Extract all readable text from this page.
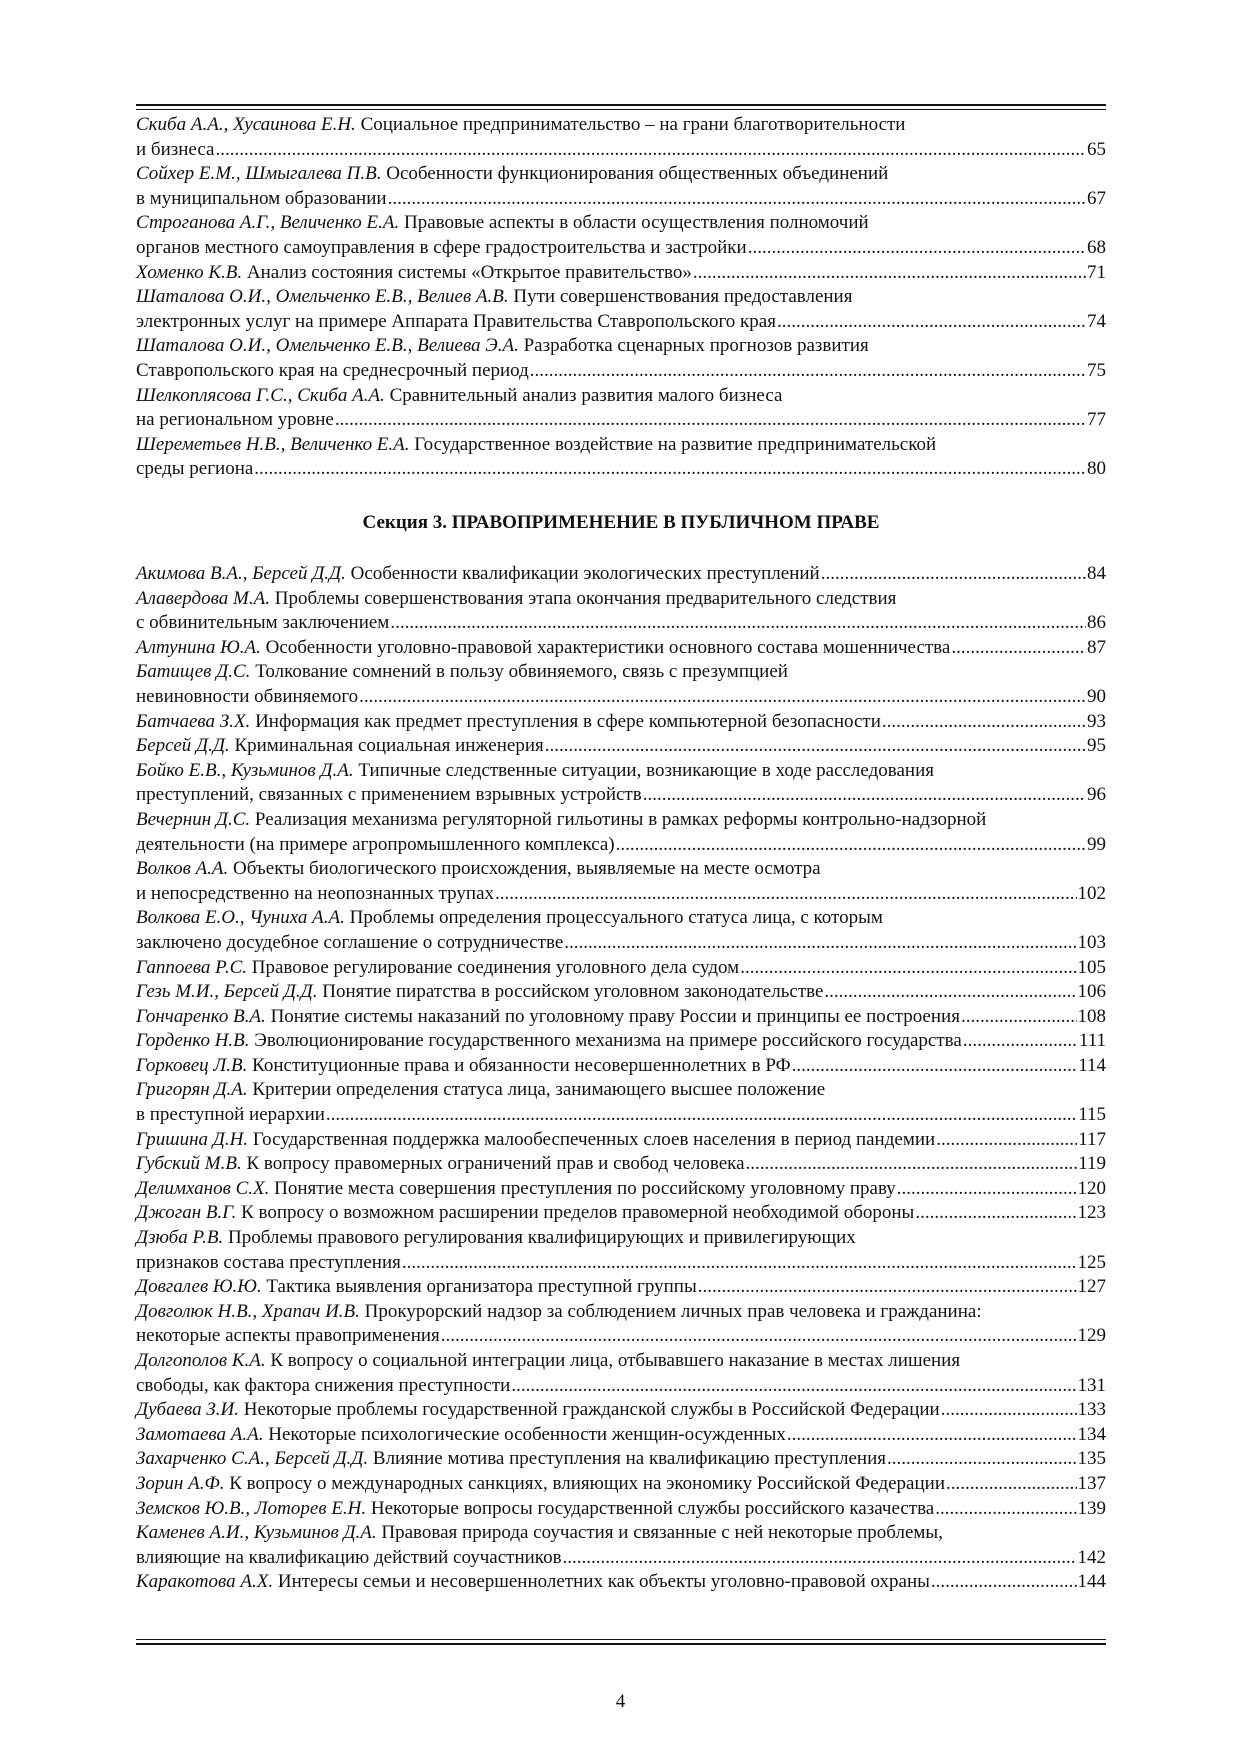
Скиба А.А., Хусаинова Е.Н. Социальное предпринимательство – на грани благотворительности
и бизнеса .....	65
Сойхер Е.М., Шмыгалева П.В. Особенности функционирования общественных объединений
в муниципальном образовании .....	67
Строганова А.Г., Величенко Е.А. Правовые аспекты в области осуществления полномочий
органов местного самоуправления в сфере градостроительства и застройки .....	68
Хоменко К.В. Анализ состояния системы «Открытое правительство» .....	71
Шаталова О.И., Омельченко Е.В., Велиев А.В. Пути совершенствования предоставления
электронных услуг на примере Аппарата Правительства Ставропольского края .....	74
Шаталова О.И., Омельченко Е.В., Велиева Э.А. Разработка сценарных прогнозов развития
Ставропольского края на среднесрочный период .....	75
Шелкоплясова Г.С., Скиба А.А. Сравнительный анализ развития малого бизнеса
на региональном уровне .....	77
Шереметьев Н.В., Величенко Е.А. Государственное воздействие на развитие предпринимательской
среды региона .....	80
Секция 3. ПРАВОПРИМЕНЕНИЕ В ПУБЛИЧНОМ ПРАВЕ
Акимова В.А., Берсей Д.Д. Особенности квалификации экологических преступлений .....	84
Алавердова М.А. Проблемы совершенствования этапа окончания предварительного следствия
с обвинительным заключением .....	86
Алтунина Ю.А. Особенности уголовно-правовой характеристики основного состава мошенничества .....	87
Батищев Д.С. Толкование сомнений в пользу обвиняемого, связь с презумпцией
невиновности обвиняемого .....	90
Батчаева З.Х. Информация как предмет преступления в сфере компьютерной безопасности .....	93
Берсей Д.Д. Криминальная социальная инженерия .....	95
Бойко Е.В., Кузьминов Д.А. Типичные следственные ситуации, возникающие в ходе расследования
преступлений, связанных с применением взрывных устройств .....	96
Вечернин Д.С. Реализация механизма регуляторной гильотины в рамках реформы контрольно-надзорной
деятельности (на примере агропромышленного комплекса) .....	99
Волков А.А. Объекты биологического происхождения, выявляемые на месте осмотра
и непосредственно на неопознанных трупах .....	102
Волкова Е.О., Чуниха А.А. Проблемы определения процессуального статуса лица, с которым
заключено досудебное соглашение о сотрудничестве .....	103
Гаппоева Р.С. Правовое регулирование соединения уголовного дела судом .....	105
Гезь М.И., Берсей Д.Д. Понятие пиратства в российском уголовном законодательстве .....	106
Гончаренко В.А. Понятие системы наказаний по уголовному праву России и принципы ее построения .....	108
Горденко Н.В. Эволюционирование государственного механизма на примере российского государства .....	111
Горковец Л.В. Конституционные права и обязанности несовершеннолетних в РФ .....	114
Григорян Д.А. Критерии определения статуса лица, занимающего высшее положение
в преступной иерархии .....	115
Гришина Д.Н. Государственная поддержка малообеспеченных слоев населения в период пандемии .....	117
Губский М.В. К вопросу правомерных ограничений прав и свобод человека .....	119
Делимханов С.Х. Понятие места совершения преступления по российскому уголовному праву .....	120
Джоган В.Г. К вопросу о возможном расширении пределов правомерной необходимой обороны .....	123
Дзюба Р.В. Проблемы правового регулирования квалифицирующих и привилегирующих
признаков состава преступления .....	125
Довгалев Ю.Ю. Тактика выявления организатора преступной группы .....	127
Довголюк Н.В., Храпач И.В. Прокурорский надзор за соблюдением личных прав человека и гражданина:
некоторые аспекты правоприменения .....	129
Долгополов К.А. К вопросу о социальной интеграции лица, отбывавшего наказание в местах лишения
свободы, как фактора снижения преступности .....	131
Дубаева З.И. Некоторые проблемы государственной гражданской службы в Российской Федерации .....	133
Замотаева А.А. Некоторые психологические особенности женщин-осужденных .....	134
Захарченко С.А., Берсей Д.Д. Влияние мотива преступления на квалификацию преступления .....	135
Зорин А.Ф. К вопросу о международных санкциях, влияющих на экономику Российской Федерации .....	137
Земсков Ю.В., Лоторев Е.Н. Некоторые вопросы государственной службы российского казачества .....	139
Каменев А.И., Кузьминов Д.А. Правовая природа соучастия и связанные с ней некоторые проблемы,
влияющие на квалификацию действий соучастников .....	142
Каракотова А.Х. Интересы семьи и несовершеннолетних как объекты уголовно-правовой охраны .....	144
4
